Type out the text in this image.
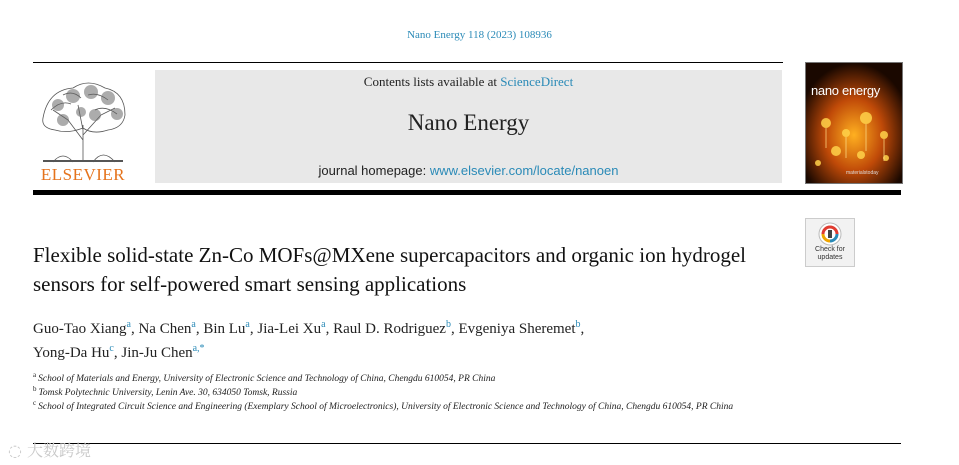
Nano Energy 118 (2023) 108936
ELSEVIER
Contents lists available at ScienceDirect
Nano Energy
journal homepage: www.elsevier.com/locate/nanoen
nano energy
materialstoday
Check for
updates
Flexible solid-state Zn-Co MOFs@MXene supercapacitors and organic ion hydrogel sensors for self-powered smart sensing applications
Guo-Tao Xiang$^a$, Na Chen$^a$, Bin Lu$^a$, Jia-Lei Xu$^a$, Raul D. Rodriguez$^b$, Evgeniya Sheremet$^b$,
Yong-Da Hu$^c$, Jin-Ju Chen$^{a,*}$
$^a$ School of Materials and Energy, University of Electronic Science and Technology of China, Chengdu 610054, PR China
$^b$ Tomsk Polytechnic University, Lenin Ave. 30, 634050 Tomsk, Russia
$^c$ School of Integrated Circuit Science and Engineering (Exemplary School of Microelectronics), University of Electronic Science and Technology of China, Chengdu 610054, PR China
◌ 大数跨境
